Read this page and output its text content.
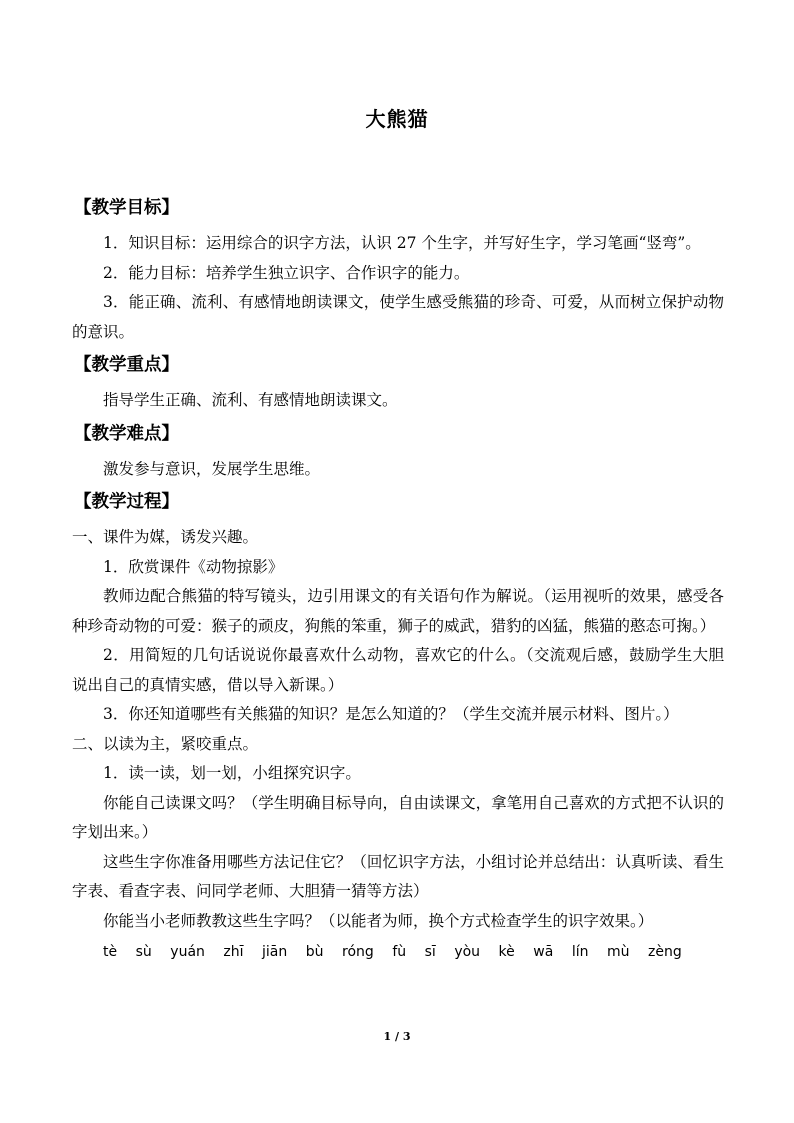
大熊猫
【教学目标】

1．知识目标：运用综合的识字方法，认识 27 个生字，并写好生字，学习笔画“竖弯”。

2．能力目标：培养学生独立识字、合作识字的能力。

3．能正确、流利、有感情地朗读课文，使学生感受熊猫的珍奇、可爱，从而树立保护动物的意识。

【教学重点】

指导学生正确、流利、有感情地朗读课文。

【教学难点】

激发参与意识，发展学生思维。

【教学过程】

一、课件为媒，诱发兴趣。

1．欣赏课件《动物掠影》

教师边配合熊猫的特写镜头，边引用课文的有关语句作为解说。（运用视听的效果，感受各种珍奇动物的可爱：猴子的顽皮，狗熊的笨重，狮子的威武，猎豹的凶猛，熊猫的憨态可掬。）

2．用简短的几句话说说你最喜欢什么动物，喜欢它的什么。（交流观后感，鼓励学生大胆说出自己的真情实感，借以导入新课。）

3．你还知道哪些有关熊猫的知识？是怎么知道的？（学生交流并展示材料、图片。）

二、以读为主，紧咬重点。

1．读一读，划一划，小组探究识字。

你能自己读课文吗？（学生明确目标导向，自由读课文，拿笔用自己喜欢的方式把不认识的字划出来。）

这些生字你准备用哪些方法记住它？（回忆识字方法，小组讨论并总结出：认真听读、看生字表、看查字表、问同学老师、大胆猜一猜等方法）

你能当小老师教教这些生字吗？（以能者为师，换个方式检查学生的识字效果。）

tè sù yuán zhī jiān bù róng fù sī yòu kè wā lín mù zèng
1 / 3
